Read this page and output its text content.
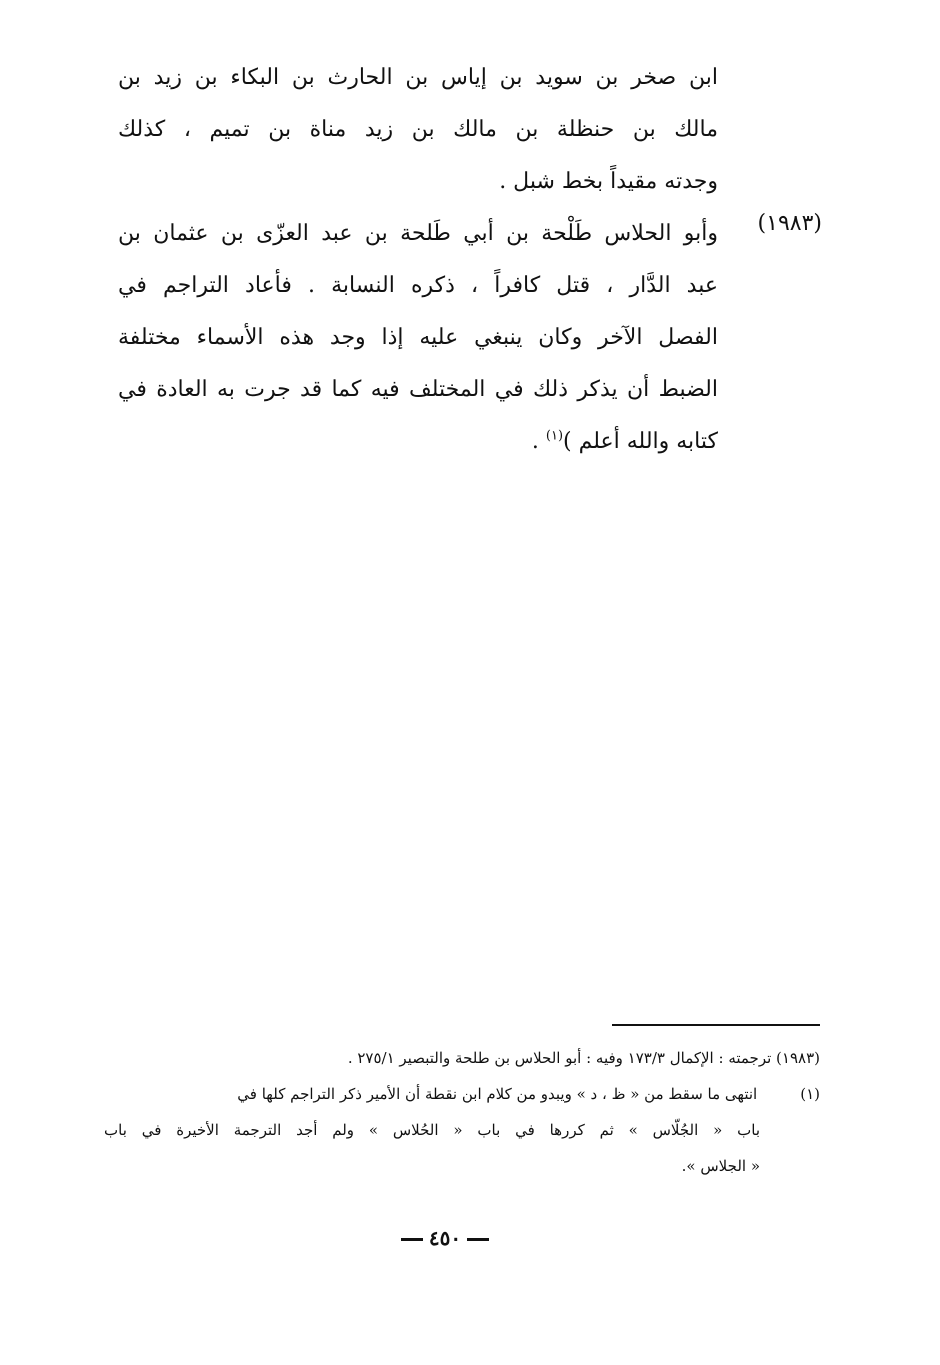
ابن صخر بن سويد بن إياس بن الحارث بن البكاء بن زيد بن
مالك بن حنظلة بن مالك بن زيد مناة بن تميم ، كذلك
وجدته مقيداً بخط شبل .
وأبو الحلاس طَلْحة بن أبي طَلحة بن عبد العزّى بن عثمان بن
عبد الدَّار ، قتل كافراً ، ذكره النسابة . فأعاد التراجم في
الفصل الآخر وكان ينبغي عليه إذا وجد هذه الأسماء مختلفة
الضبط أن يذكر ذلك في المختلف فيه كما قد جرت به العادة في
كتابه والله أعلم )$^{(١)}$ .
(١٩٨٣)
(١٩٨٣) ترجمته : الإكمال ١٧٣/٣ وفيه : أبو الحلاس بن طلحة والتبصير ٢٧٥/١ .
(١) انتهى ما سقط من « ظ ، د » ويبدو من كلام ابن نقطة أن الأمير ذكر التراجم كلها في
باب « الجُلّاس » ثم كررها في باب « الحُلاس » ولم أجد الترجمة الأخيرة في باب
« الجلاس ».
٤٥٠
